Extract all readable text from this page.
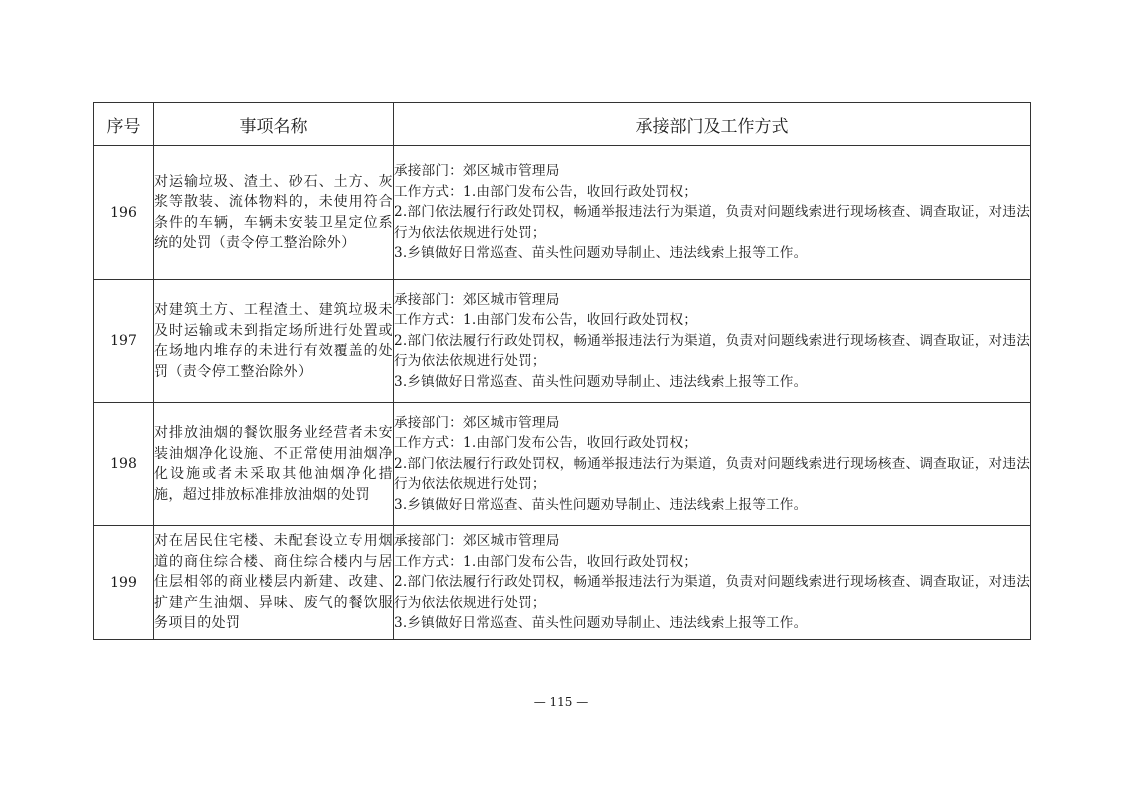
序号	事项名称	承接部门及工作方式
196	对运输垃圾、渣土、砂石、土方、灰浆等散装、流体物料的，未使用符合条件的车辆，车辆未安装卫星定位系统的处罚（责令停工整治除外）	承接部门：郊区城市管理局
工作方式：1.由部门发布公告，收回行政处罚权；
2.部门依法履行行政处罚权，畅通举报违法行为渠道，负责对问题线索进行现场核查、调查取证，对违法行为依法依规进行处罚；
3.乡镇做好日常巡查、苗头性问题劝导制止、违法线索上报等工作。

197	对建筑土方、工程渣土、建筑垃圾未及时运输或未到指定场所进行处置或在场地内堆存的未进行有效覆盖的处罚（责令停工整治除外）	承接部门：郊区城市管理局
工作方式：1.由部门发布公告，收回行政处罚权；
2.部门依法履行行政处罚权，畅通举报违法行为渠道，负责对问题线索进行现场核查、调查取证，对违法行为依法依规进行处罚；
3.乡镇做好日常巡查、苗头性问题劝导制止、违法线索上报等工作。

198	对排放油烟的餐饮服务业经营者未安装油烟净化设施、不正常使用油烟净化设施或者未采取其他油烟净化措施，超过排放标准排放油烟的处罚	承接部门：郊区城市管理局
工作方式：1.由部门发布公告，收回行政处罚权；
2.部门依法履行行政处罚权，畅通举报违法行为渠道，负责对问题线索进行现场核查、调查取证，对违法行为依法依规进行处罚；
3.乡镇做好日常巡查、苗头性问题劝导制止、违法线索上报等工作。

199	对在居民住宅楼、未配套设立专用烟道的商住综合楼、商住综合楼内与居住层相邻的商业楼层内新建、改建、扩建产生油烟、异味、废气的餐饮服务项目的处罚	承接部门：郊区城市管理局
工作方式：1.由部门发布公告，收回行政处罚权；
2.部门依法履行行政处罚权，畅通举报违法行为渠道，负责对问题线索进行现场核查、调查取证，对违法行为依法依规进行处罚；
3.乡镇做好日常巡查、苗头性问题劝导制止、违法线索上报等工作。
— 115 —
